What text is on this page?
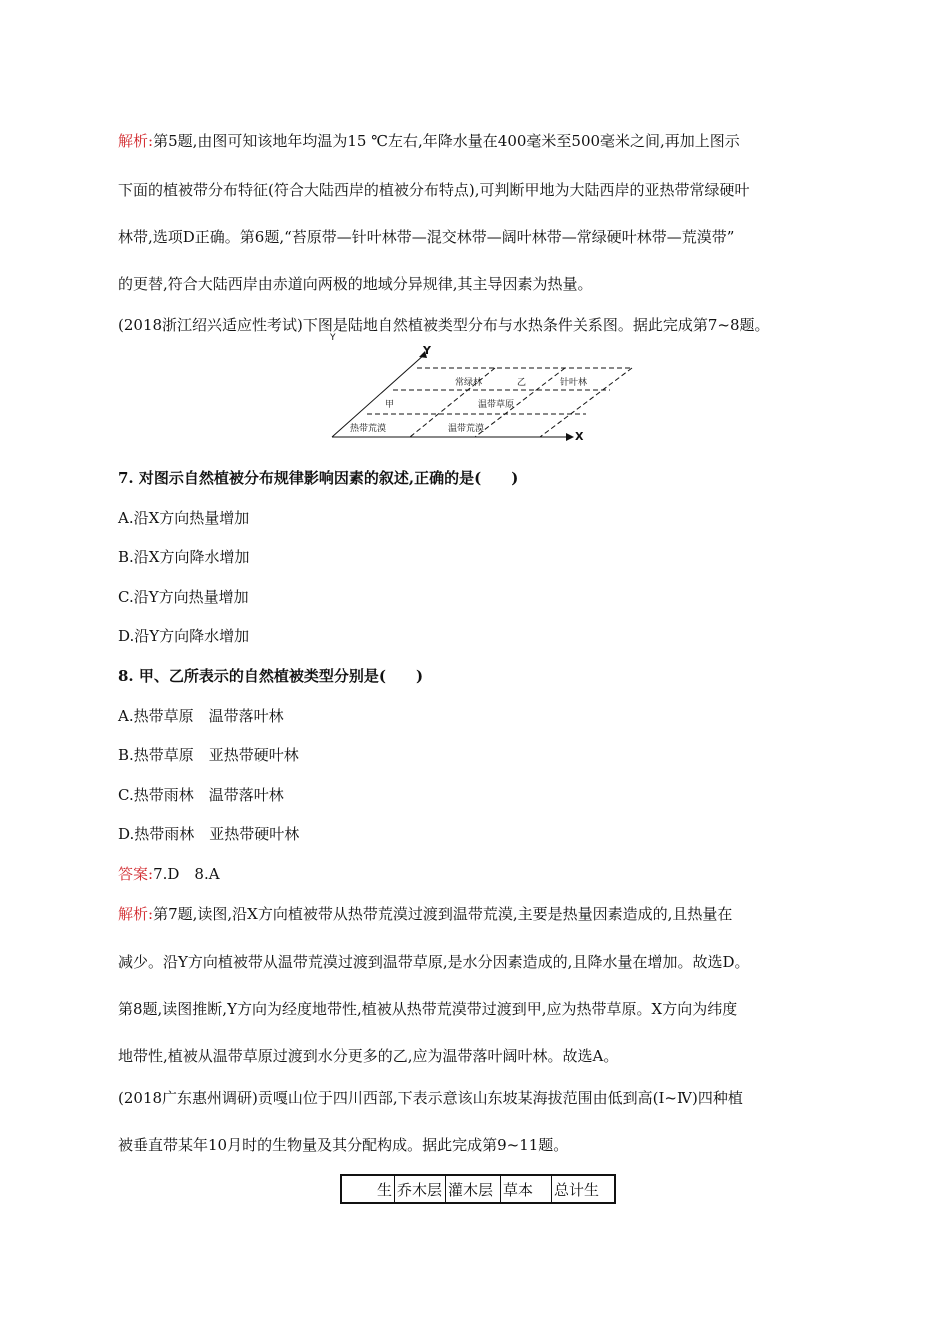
解析:第5题,由图可知该地年均温为15 ℃左右,年降水量在400毫米至500毫米之间,再加上图示
下面的植被带分布特征(符合大陆西岸的植被分布特点),可判断甲地为大陆西岸的亚热带常绿硬叶
林带,选项D正确。第6题,“苔原带—针叶林带—混交林带—阔叶林带—常绿硬叶林带—荒漠带”
的更替,符合大陆西岸由赤道向两极的地域分异规律,其主导因素为热量。
(2018浙江绍兴适应性考试)下图是陆地自然植被类型分布与水热条件关系图。据此完成第7~8题。
Y
常绿林	乙	针叶林
甲	温带草原
热带荒漠	温带荒漠
Y
X
7. 对图示自然植被分布规律影响因素的叙述,正确的是(　　)
A.沿X方向热量增加
B.沿X方向降水增加
C.沿Y方向热量增加
D.沿Y方向降水增加
8. 甲、乙所表示的自然植被类型分别是(　　)
A.热带草原　温带落叶林
B.热带草原　亚热带硬叶林
C.热带雨林　温带落叶林
D.热带雨林　亚热带硬叶林
答案:7.D　8.A
解析:第7题,读图,沿X方向植被带从热带荒漠过渡到温带荒漠,主要是热量因素造成的,且热量在
减少。沿Y方向植被带从温带荒漠过渡到温带草原,是水分因素造成的,且降水量在增加。故选D。
第8题,读图推断,Y方向为经度地带性,植被从热带荒漠带过渡到甲,应为热带草原。X方向为纬度
地带性,植被从温带草原过渡到水分更多的乙,应为温带落叶阔叶林。故选A。
(2018广东惠州调研)贡嘎山位于四川西部,下表示意该山东坡某海拔范围由低到高(Ⅰ~Ⅳ)四种植
被垂直带某年10月时的生物量及其分配构成。据此完成第9~11题。
生	乔木层	灌木层	草本	总计生
